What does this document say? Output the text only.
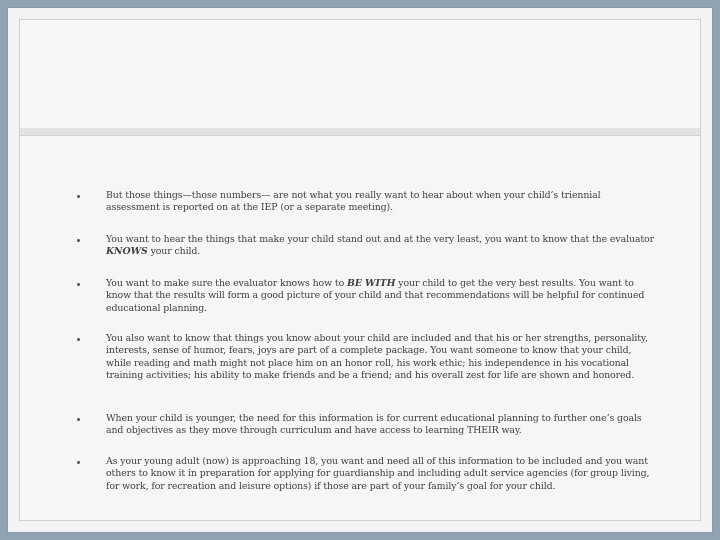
But those things—those numbers— are not what you really want to hear about when your child’s triennial assessment is reported on at the IEP (or a separate meeting).
You want to hear the things that make your child stand out and at the very least, you want to know that the evaluator KNOWS your child.
You want to make sure the evaluator knows how to BE WITH your child to get the very best results. You want to know that the results will form a good picture of your child and that recommendations will be helpful for continued educational planning.
You also want to know that things you know about your child are included and that his or her strengths, personality, interests, sense of humor, fears, joys are part of a complete package. You want someone to know that your child, while reading and math might not place him on an honor roll, his work ethic; his independence in his vocational training activities; his ability to make friends and be a friend; and his overall zest for life are shown and honored.
When your child is younger, the need for this information is for current educational planning to further one’s goals and objectives as they move through curriculum and have access to learning THEIR way.
As your young adult (now) is approaching 18, you want and need all of this information to be included and you want others to know it in preparation for applying for guardianship and including adult service agencies (for group living, for work, for recreation and leisure options) if those are part of your family’s goal for your child.
